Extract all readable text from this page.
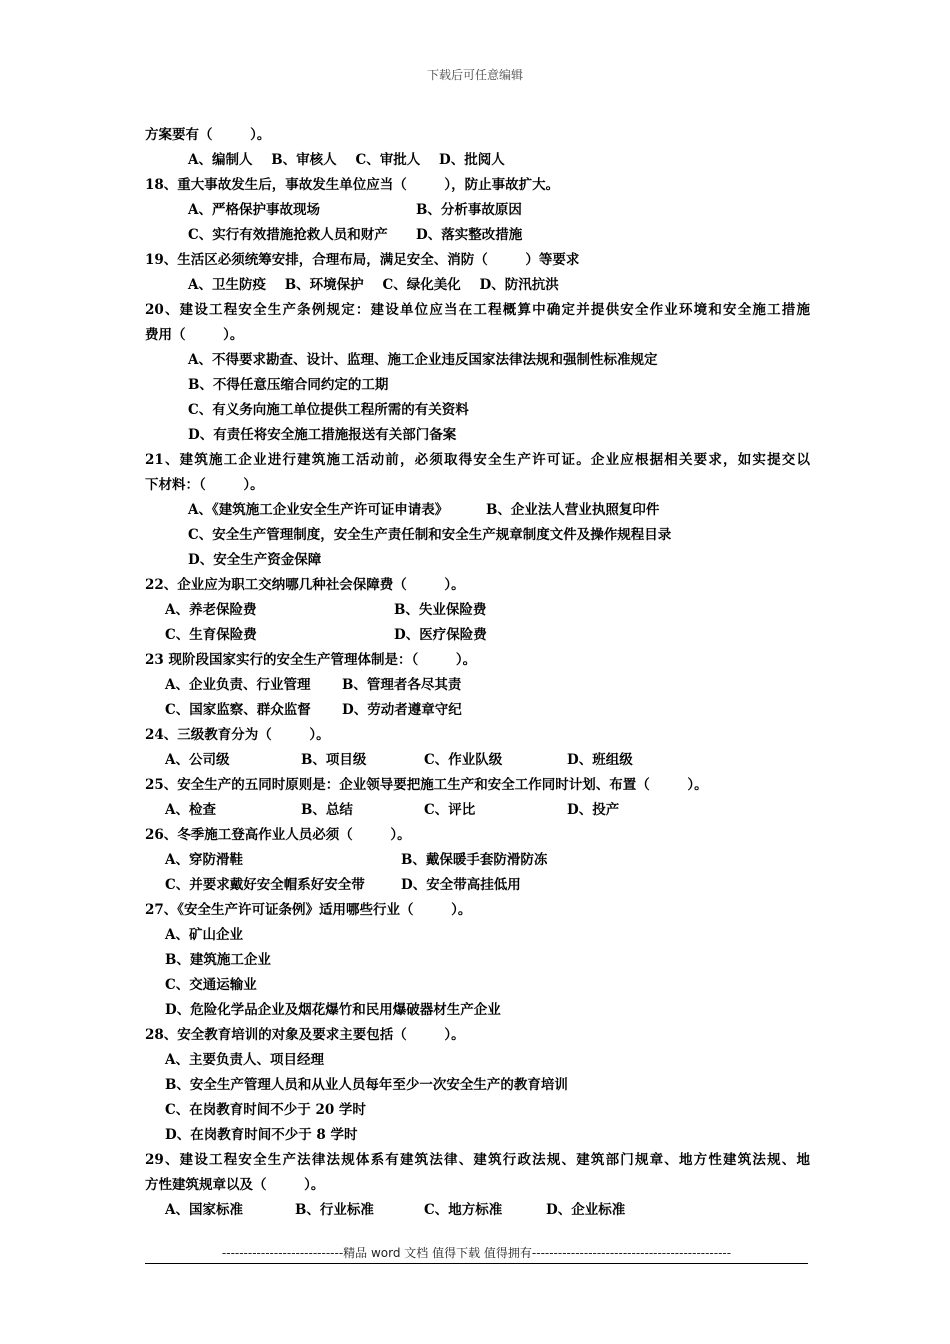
下载后可任意编辑
方案要有（        ）。
A、编制人    B、审核人    C、审批人    D、批阅人
18、重大事故发生后，事故发生单位应当（        ），防止事故扩大。
A、严格保护事故现场	B、分析事故原因
C、实行有效措施抢救人员和财产 D、落实整改措施
19、生活区必须统筹安排，合理布局，满足安全、消防（        ）等要求
A、卫生防疫    B、环境保护    C、绿化美化    D、防汛抗洪
20、建设工程安全生产条例规定：建设单位应当在工程概算中确定并提供安全作业环境和安全施工措施
费用（        ）。
A、不得要求勘查、设计、监理、施工企业违反国家法律法规和强制性标准规定
B、不得任意压缩合同约定的工期
C、有义务向施工单位提供工程所需的有关资料
D、有责任将安全施工措施报送有关部门备案
21、建筑施工企业进行建筑施工活动前，必须取得安全生产许可证。企业应根据相关要求，如实提交以
下材料：（        ）。
A、《建筑施工企业安全生产许可证申请表》	B、企业法人营业执照复印件
C、安全生产管理制度，安全生产责任制和安全生产规章制度文件及操作规程目录
D、安全生产资金保障
22、企业应为职工交纳哪几种社会保障费（        ）。
A、养老保险费	B、失业保险费
C、生育保险费	D、医疗保险费
23 现阶段国家实行的安全生产管理体制是：（        ）。
A、企业负责、行业管理 B、管理者各尽其责
C、国家监察、群众监督 D、劳动者遵章守纪
24、三级教育分为（        ）。
A、公司级	B、项目级	C、作业队级	D、班组级
25、安全生产的五同时原则是：企业领导要把施工生产和安全工作同时计划、布置（        ）。
A、检查	B、总结	C、评比	D、投产
26、冬季施工登高作业人员必须（        ）。
A、穿防滑鞋	B、戴保暖手套防滑防冻
C、并要求戴好安全帽系好安全带	D、安全带高挂低用
27、《安全生产许可证条例》适用哪些行业（        ）。
A、矿山企业
B、建筑施工企业
C、交通运输业
D、危险化学品企业及烟花爆竹和民用爆破器材生产企业
28、安全教育培训的对象及要求主要包括（        ）。
A、主要负责人、项目经理
B、安全生产管理人员和从业人员每年至少一次安全生产的教育培训
C、在岗教育时间不少于 20 学时
D、在岗教育时间不少于 8 学时
29、建设工程安全生产法律法规体系有建筑法律、建筑行政法规、建筑部门规章、地方性建筑法规、地
方性建筑规章以及（        ）。
A、国家标准	B、行业标准	C、地方标准	D、企业标准
----------------------------精品 word 文档 值得下载 值得拥有----------------------------------------------
